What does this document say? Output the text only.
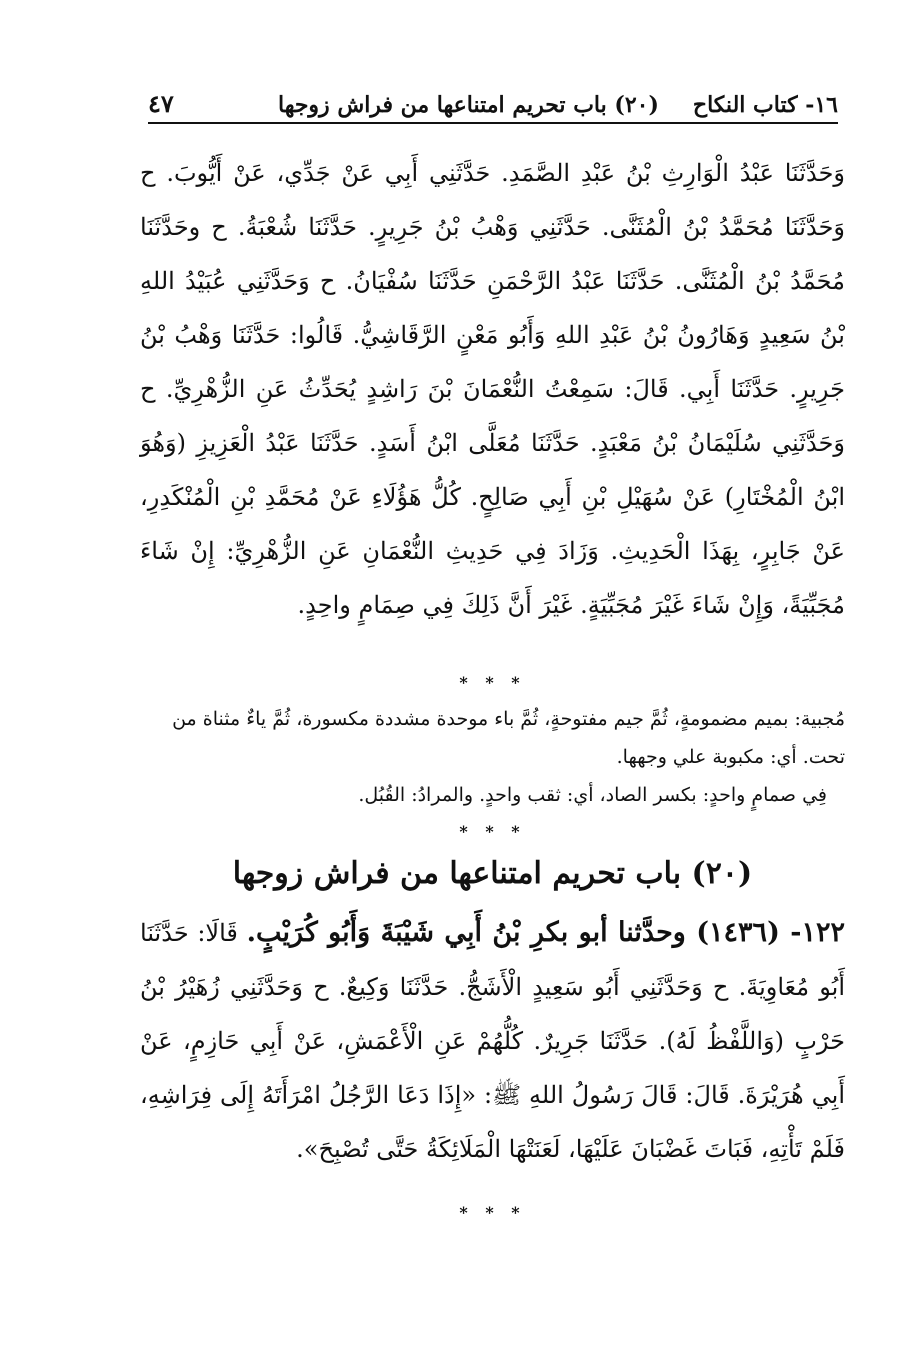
١٦- كتاب النكاح(٢٠) باب تحريم امتناعها من فراش زوجها
٤٧

وَحَدَّثَنَا عَبْدُ الْوَارِثِ بْنُ عَبْدِ الصَّمَدِ. حَدَّثَنِي أَبِي عَنْ جَدِّي، عَنْ أَيُّوبَ. ح وَحَدَّثَنَا مُحَمَّدُ بْنُ الْمُثَنَّى. حَدَّثَنِي وَهْبُ بْنُ جَرِيرٍ. حَدَّثَنَا شُعْبَةُ. ح وحَدَّثَنَا مُحَمَّدُ بْنُ الْمُثَنَّى. حَدَّثَنَا عَبْدُ الرَّحْمَنِ حَدَّثَنَا سُفْيَانُ. ح وَحَدَّثَنِي عُبَيْدُ اللهِ بْنُ سَعِيدٍ وَهَارُونُ بْنُ عَبْدِ اللهِ وَأَبُو مَعْنٍ الرَّقَاشِيُّ. قَالُوا: حَدَّثَنَا وَهْبُ بْنُ جَرِيرٍ. حَدَّثَنَا أَبِي. قَالَ: سَمِعْتُ النُّعْمَانَ بْنَ رَاشِدٍ يُحَدِّثُ عَنِ الزُّهْرِيِّ. ح وَحَدَّثَنِي سُلَيْمَانُ بْنُ مَعْبَدٍ. حَدَّثَنَا مُعَلَّى ابْنُ أَسَدٍ. حَدَّثَنَا عَبْدُ الْعَزِيزِ (وَهُوَ ابْنُ الْمُخْتَارِ) عَنْ سُهَيْلِ بْنِ أَبِي صَالِحٍ. كُلُّ هَؤُلَاءِ عَنْ مُحَمَّدِ بْنِ الْمُنْكَدِرِ، عَنْ جَابِرٍ، بِهَذَا الْحَدِيثِ. وَزَادَ فِي حَدِيثِ النُّعْمَانِ عَنِ الزُّهْرِيِّ: إِنْ شَاءَ مُجَبِّيَةً، وَإِنْ شَاءَ غَيْرَ مُجَبِّيَةٍ. غَيْرَ أَنَّ ذَلِكَ فِي صِمَامٍ واحِدٍ.

* * *

مُجبية: بميم مضمومةٍ، ثُمَّ جيم مفتوحةٍ، ثُمَّ باء موحدة مشددة مكسورة، ثُمَّ ياءٌ مثناة من تحت. أي: مكبوبة علي وجهها.

فِي صمامٍ واحدٍ: بكسر الصاد، أي: ثقب واحدٍ. والمرادُ: القُبُل.

* * *
(٢٠) باب تحريم امتناعها من فراش زوجها

١٢٢- (١٤٣٦) وحدَّثنا أبو بكرِ بْنُ أَبِي شَيْبَةَ وَأَبُو كُرَيْبٍ. قَالَا: حَدَّثَنَا أَبُو مُعَاوِيَةَ. ح وَحَدَّثَنِي أَبُو سَعِيدٍ الْأَشَجُّ. حَدَّثَنَا وَكِيعٌ. ح وَحَدَّثَنِي زُهَيْرُ بْنُ حَرْبٍ (وَاللَّفْظُ لَهُ). حَدَّثَنَا جَرِيرٌ. كُلُّهُمْ عَنِ الْأَعْمَشِ، عَنْ أَبِي حَازِمٍ، عَنْ أَبِي هُرَيْرَةَ. قَالَ: قَالَ رَسُولُ اللهِ ﷺ: «إِذَا دَعَا الرَّجُلُ امْرَأَتَهُ إِلَى فِرَاشِهِ، فَلَمْ تَأْتِهِ، فَبَاتَ غَضْبَانَ عَلَيْهَا، لَعَنَتْهَا الْمَلَائِكَةُ حَتَّى تُصْبِحَ».

* * *
